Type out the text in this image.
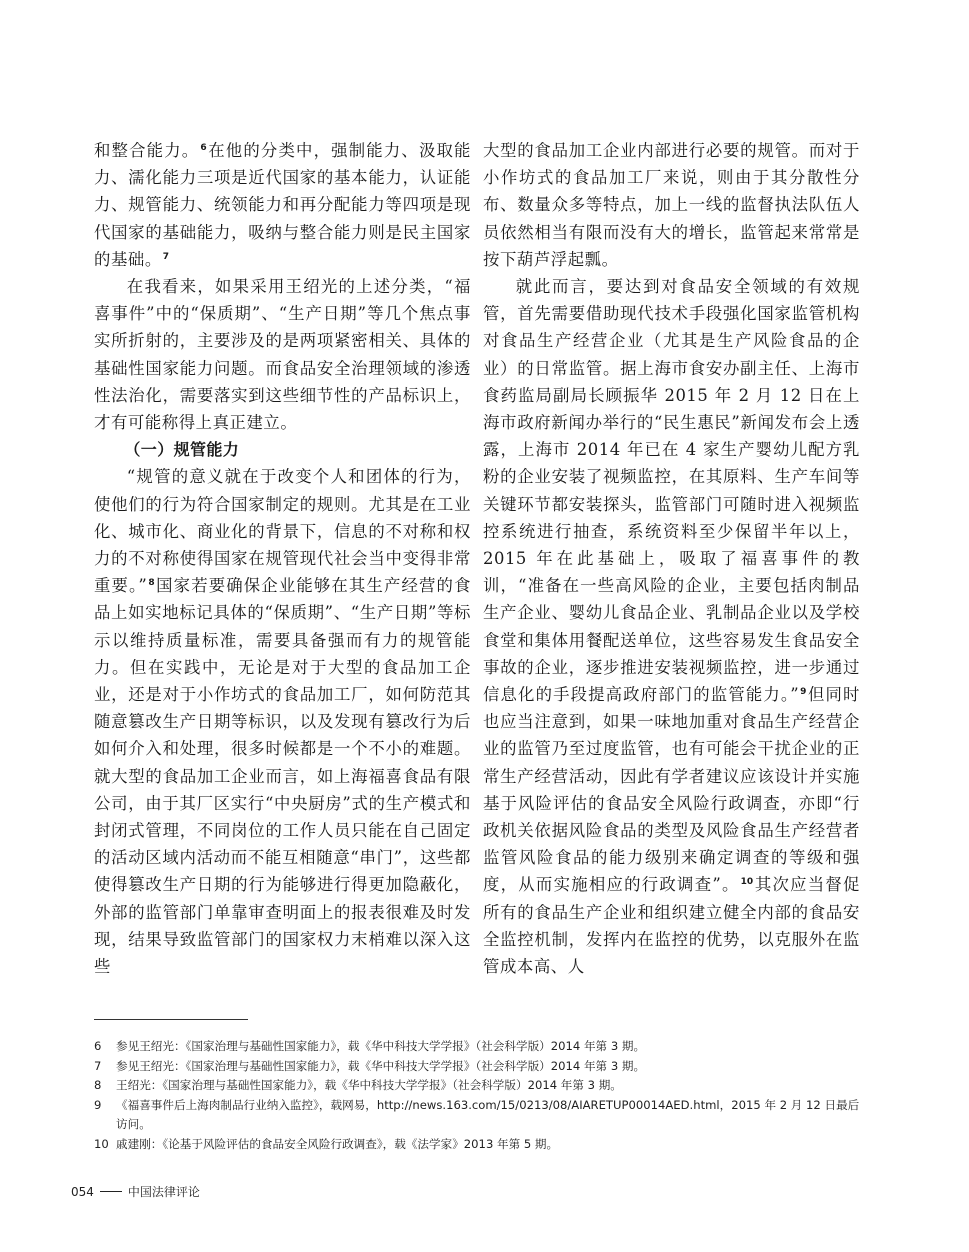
和整合能力。$^6$在他的分类中，强制能力、汲取能力、濡化能力三项是近代国家的基本能力，认证能力、规管能力、统领能力和再分配能力等四项是现代国家的基础能力，吸纳与整合能力则是民主国家的基础。$^7$

在我看来，如果采用王绍光的上述分类，“福喜事件”中的“保质期”、“生产日期”等几个焦点事实所折射的，主要涉及的是两项紧密相关、具体的基础性国家能力问题。而食品安全治理领域的渗透性法治化，需要落实到这些细节性的产品标识上，才有可能称得上真正建立。

（一）规管能力

“规管的意义就在于改变个人和团体的行为，使他们的行为符合国家制定的规则。尤其是在工业化、城市化、商业化的背景下，信息的不对称和权力的不对称使得国家在规管现代社会当中变得非常重要。”$^8$国家若要确保企业能够在其生产经营的食品上如实地标记具体的“保质期”、“生产日期”等标示以维持质量标准，需要具备强而有力的规管能力。但在实践中，无论是对于大型的食品加工企业，还是对于小作坊式的食品加工厂，如何防范其随意篡改生产日期等标识，以及发现有篡改行为后如何介入和处理，很多时候都是一个不小的难题。就大型的食品加工企业而言，如上海福喜食品有限公司，由于其厂区实行“中央厨房”式的生产模式和封闭式管理，不同岗位的工作人员只能在自己固定的活动区域内活动而不能互相随意“串门”，这些都使得篡改生产日期的行为能够进行得更加隐蔽化，外部的监管部门单靠审查明面上的报表很难及时发现，结果导致监管部门的国家权力末梢难以深入这些

大型的食品加工企业内部进行必要的规管。而对于小作坊式的食品加工厂来说，则由于其分散性分布、数量众多等特点，加上一线的监督执法队伍人员依然相当有限而没有大的增长，监管起来常常是按下葫芦浮起瓢。

就此而言，要达到对食品安全领域的有效规管，首先需要借助现代技术手段强化国家监管机构对食品生产经营企业（尤其是生产风险食品的企业）的日常监管。据上海市食安办副主任、上海市食药监局副局长顾振华 2015 年 2 月 12 日在上海市政府新闻办举行的“民生惠民”新闻发布会上透露，上海市 2014 年已在 4 家生产婴幼儿配方乳粉的企业安装了视频监控，在其原料、生产车间等关键环节都安装探头，监管部门可随时进入视频监控系统进行抽查，系统资料至少保留半年以上，2015 年在此基础上，吸取了福喜事件的教训，“准备在一些高风险的企业，主要包括肉制品生产企业、婴幼儿食品企业、乳制品企业以及学校食堂和集体用餐配送单位，这些容易发生食品安全事故的企业，逐步推进安装视频监控，进一步通过信息化的手段提高政府部门的监管能力。”$^9$但同时也应当注意到，如果一味地加重对食品生产经营企业的监管乃至过度监管，也有可能会干扰企业的正常生产经营活动，因此有学者建议应该设计并实施基于风险评估的食品安全风险行政调查，亦即“行政机关依据风险食品的类型及风险食品生产经营者监管风险食品的能力级别来确定调查的等级和强度，从而实施相应的行政调查”。$^{10}$其次应当督促所有的食品生产企业和组织建立健全内部的食品安全监控机制，发挥内在监控的优势，以克服外在监管成本高、人

6	参见王绍光：《国家治理与基础性国家能力》，载《华中科技大学学报》（社会科学版）2014 年第 3 期。
7	参见王绍光：《国家治理与基础性国家能力》，载《华中科技大学学报》（社会科学版）2014 年第 3 期。
8	王绍光：《国家治理与基础性国家能力》，载《华中科技大学学报》（社会科学版）2014 年第 3 期。
9	《福喜事件后上海肉制品行业纳入监控》，载网易，http://news.163.com/15/0213/08/AIARETUP00014AED.html，2015 年 2 月 12 日最后访问。
10 戚建刚：《论基于风险评估的食品安全风险行政调查》，载《法学家》2013 年第 5 期。
054	中国法律评论
